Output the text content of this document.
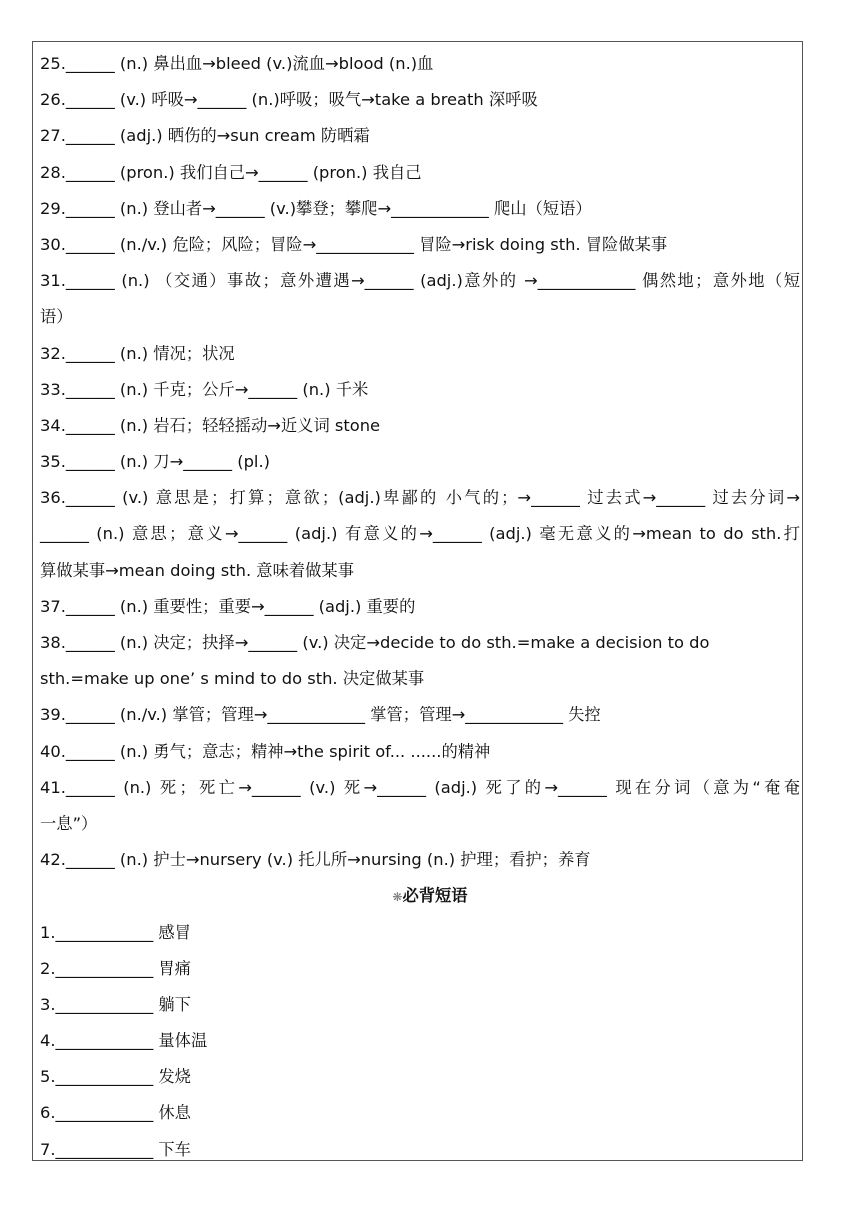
25.______ (n.) 鼻出血→bleed (v.)流血→blood (n.)血
26.______ (v.) 呼吸→______ (n.)呼吸；吸气→take a breath 深呼吸
27.______ (adj.) 晒伤的→sun cream 防晒霜
28.______ (pron.) 我们自己→______ (pron.) 我自己
29.______ (n.) 登山者→______ (v.)攀登；攀爬→____________ 爬山（短语）
30.______ (n./v.) 危险；风险；冒险→____________ 冒险→risk doing sth. 冒险做某事
31.______ (n.) （交通）事故；意外遭遇→______ (adj.)意外的 →____________ 偶然地；意外地（短
语）
32.______ (n.) 情况；状况
33.______ (n.) 千克；公斤→______ (n.) 千米
34.______ (n.) 岩石；轻轻摇动→近义词 stone
35.______ (n.) 刀→______ (pl.)
36.______ (v.) 意思是；打算；意欲；(adj.)卑鄙的 小气的；→______ 过去式→______ 过去分词→
______ (n.) 意思；意义→______ (adj.) 有意义的→______ (adj.) 毫无意义的→mean to do sth.打
算做某事→mean doing sth. 意味着做某事
37.______ (n.) 重要性；重要→______ (adj.) 重要的
38.______ (n.) 决定；抉择→______ (v.) 决定→decide to do sth.=make a decision to do
sth.=make up one’ s mind to do sth. 决定做某事
39.______ (n./v.) 掌管；管理→____________ 掌管；管理→____________ 失控
40.______ (n.) 勇气；意志；精神→the spirit of... ......的精神
41.______ (n.) 死；死亡→______ (v.) 死→______ (adj.) 死了的→______ 现在分词（意为“奄奄
一息”）
42.______ (n.) 护士→nursery (v.) 托儿所→nursing (n.) 护理；看护；养育
❋必背短语
1.____________ 感冒
2.____________ 胃痛
3.____________ 躺下
4.____________ 量体温
5.____________ 发烧
6.____________ 休息
7.____________ 下车
